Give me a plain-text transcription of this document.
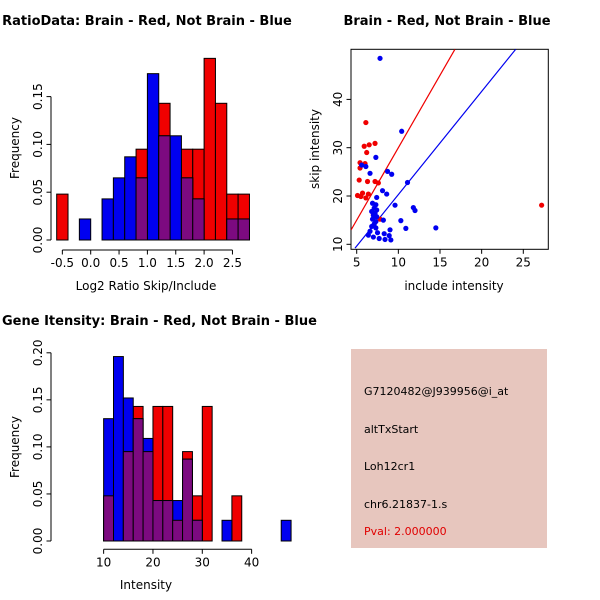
0.00
0.05
0.10
0.15
-0.5 0.0 0.5 1.0 1.5 2.0 2.5
RatioData: Brain - Red, Not Brain - Blue
Frequency
Log2 Ratio Skip/Include
5	10 15 20 25
10
20
30
40
Brain - Red, Not Brain - Blue
skip intensity
include intensity
0.00
0.05
0.10
0.15
0.20
10	20	30	40
Gene Itensity: Brain - Red, Not Brain - Blue
Frequency
Intensity
G7120482@J939956@i_at
altTxStart
Loh12cr1
chr6.21837-1.s
Pval: 2.000000
